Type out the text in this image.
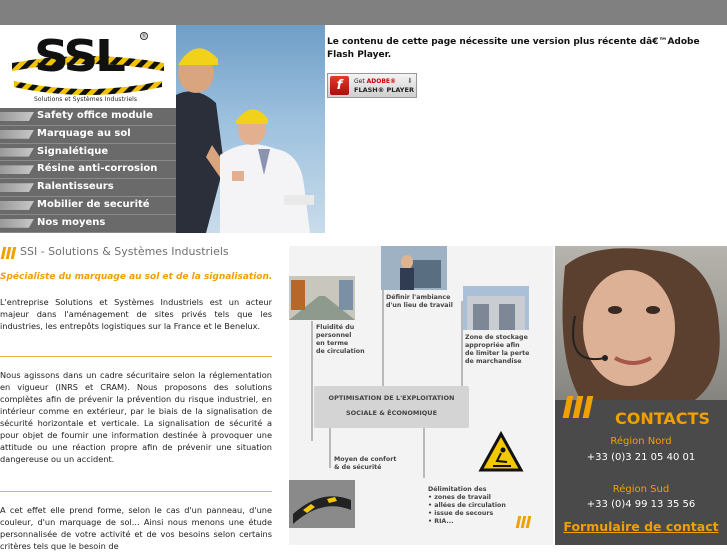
SSL	®
Solutions et Systèmes Industriels
Safety office module
Marquage au sol
Signalétique
Résine anti-corrosion
Ralentisseurs
Mobilier de securité
Nos moyens
Le contenu de cette page nécessite une version plus récente dâ€™Adobe Flash Player.
f	Get ADOBE®
FLASH® PLAYER
⬇
SSI - Solutions & Systèmes Industriels
Spécialiste du marquage au sol et de la signalisation.
L'entreprise Solutions et Systèmes Industriels est un acteur majeur dans l'aménagement de sites privés tels que les industries, les entrepôts logistiques sur la France et le Benelux.
Nous agissons dans un cadre sécuritaire selon la réglementation en vigueur (INRS et CRAM). Nous proposons des solutions complètes afin de prévenir la prévention du risque industriel, en intérieur comme en extérieur, par le biais de la signalisation de sécurité horizontale et verticale. La signalisation de sécurité a pour objet de fournir une information destinée à provoquer une attitude ou une réaction propre afin de prévenir une situation dangereuse ou un accident.
A cet effet elle prend forme, selon le cas d'un panneau, d'une couleur, d'un marquage de sol... Ainsi nous menons une étude personnalisée de votre activité et de vos besoins selon certains critères tels que le besoin de
Définir l'ambiance
d'un lieu de travail
Fluidité du
personnel
en terme
de circulation
Zone de stockage
appropriée afin
de limiter la perte
de marchandise
OPTIMISATION DE L'EXPLOITATION
SOCIALE & ÉCONOMIQUE
Moyen de confort
& de sécurité
Délimitation des
• zones de travail
• allées de circulation
• issue de secours
• RIA...
CONTACTS
Région Nord
+33 (0)3 21 05 40 01
Région Sud
+33 (0)4 99 13 35 56
Formulaire de contact
